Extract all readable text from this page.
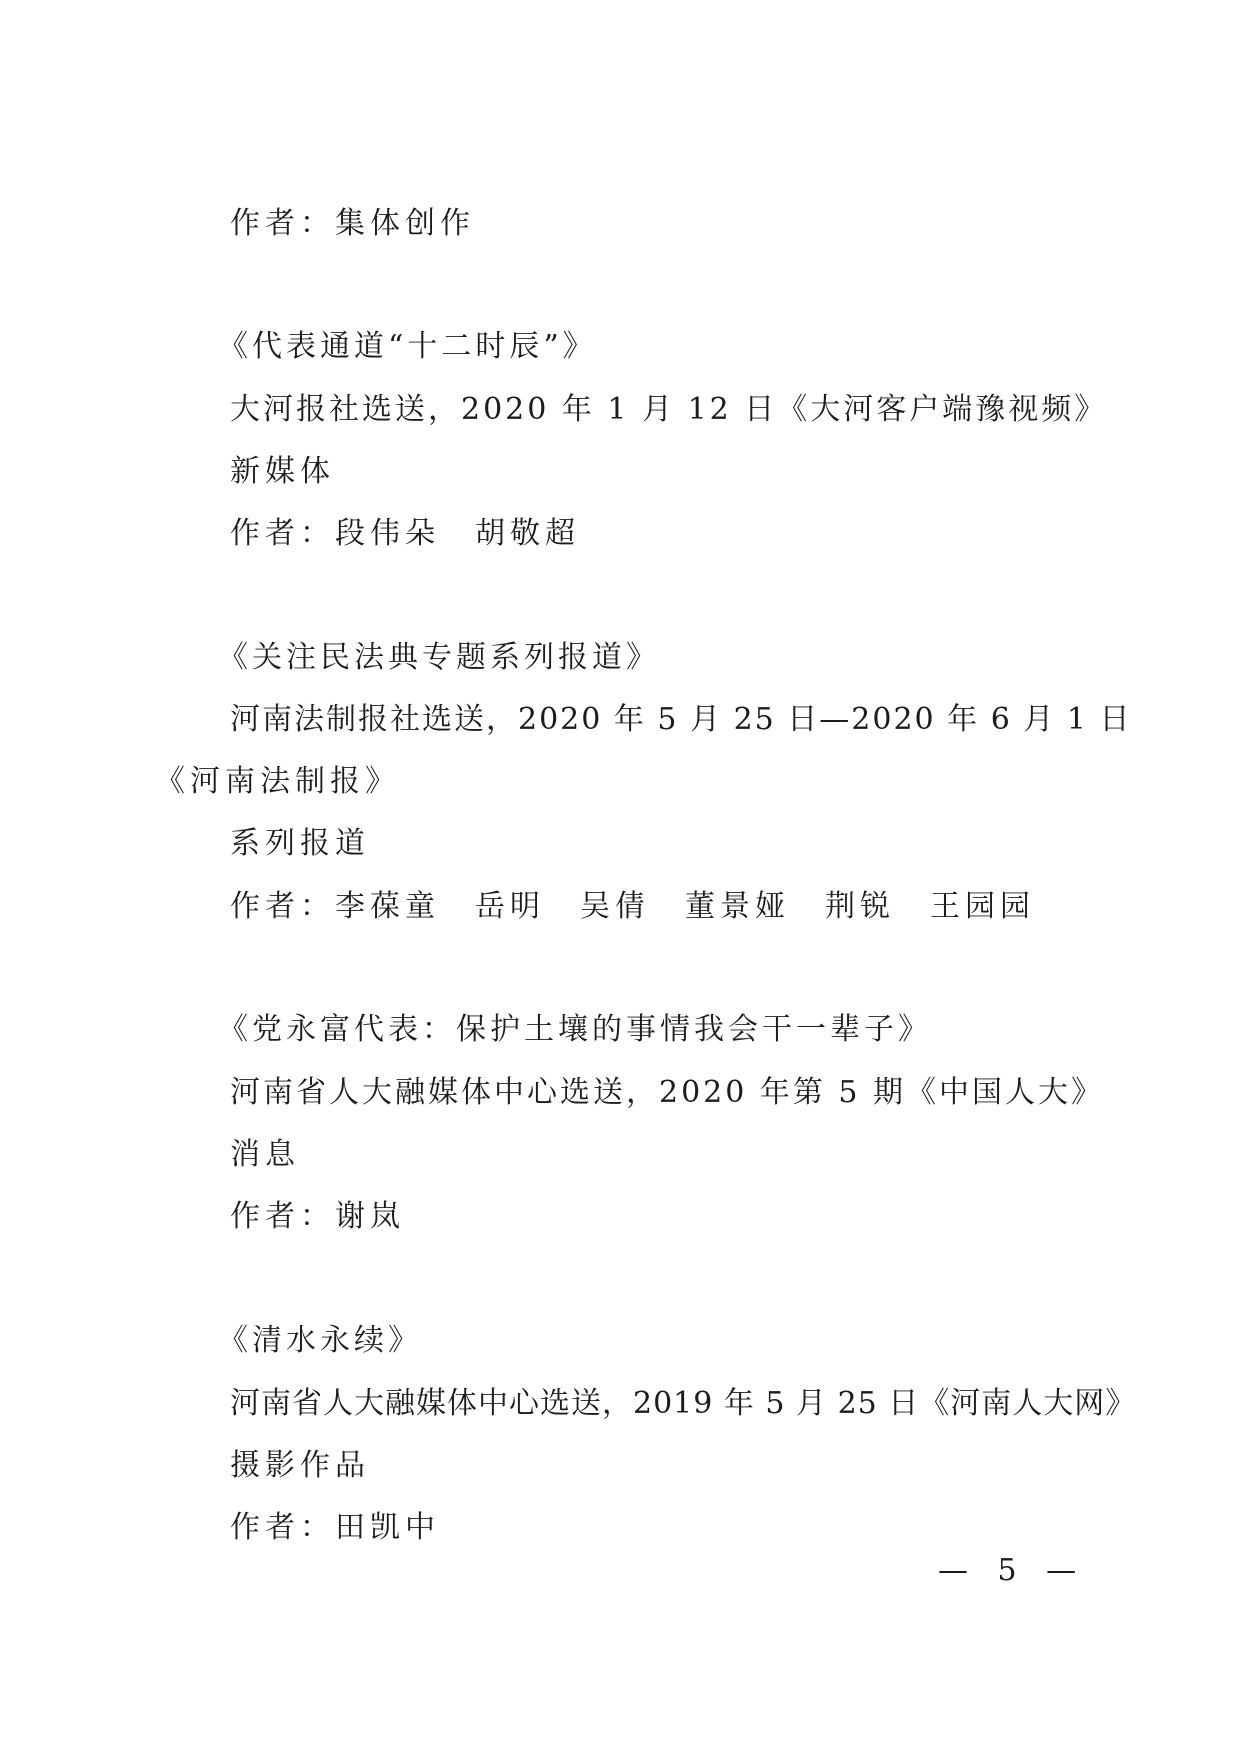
作者：集体创作
《代表通道“十二时辰”》
大河报社选送，2020 年 1 月 12 日《大河客户端豫视频》
新媒体
作者：段伟朵　胡敬超
《关注民法典专题系列报道》
河南法制报社选送，2020 年 5 月 25 日—2020 年 6 月 1 日
《河南法制报》
系列报道
作者：李葆童　岳明　吴倩　董景娅　荆锐　王园园
《党永富代表：保护土壤的事情我会干一辈子》
河南省人大融媒体中心选送，2020 年第 5 期《中国人大》
消息
作者：谢岚
《清水永续》
河南省人大融媒体中心选送，2019 年 5 月 25 日《河南人大网》
摄影作品
作者：田凯中
— 5 —
